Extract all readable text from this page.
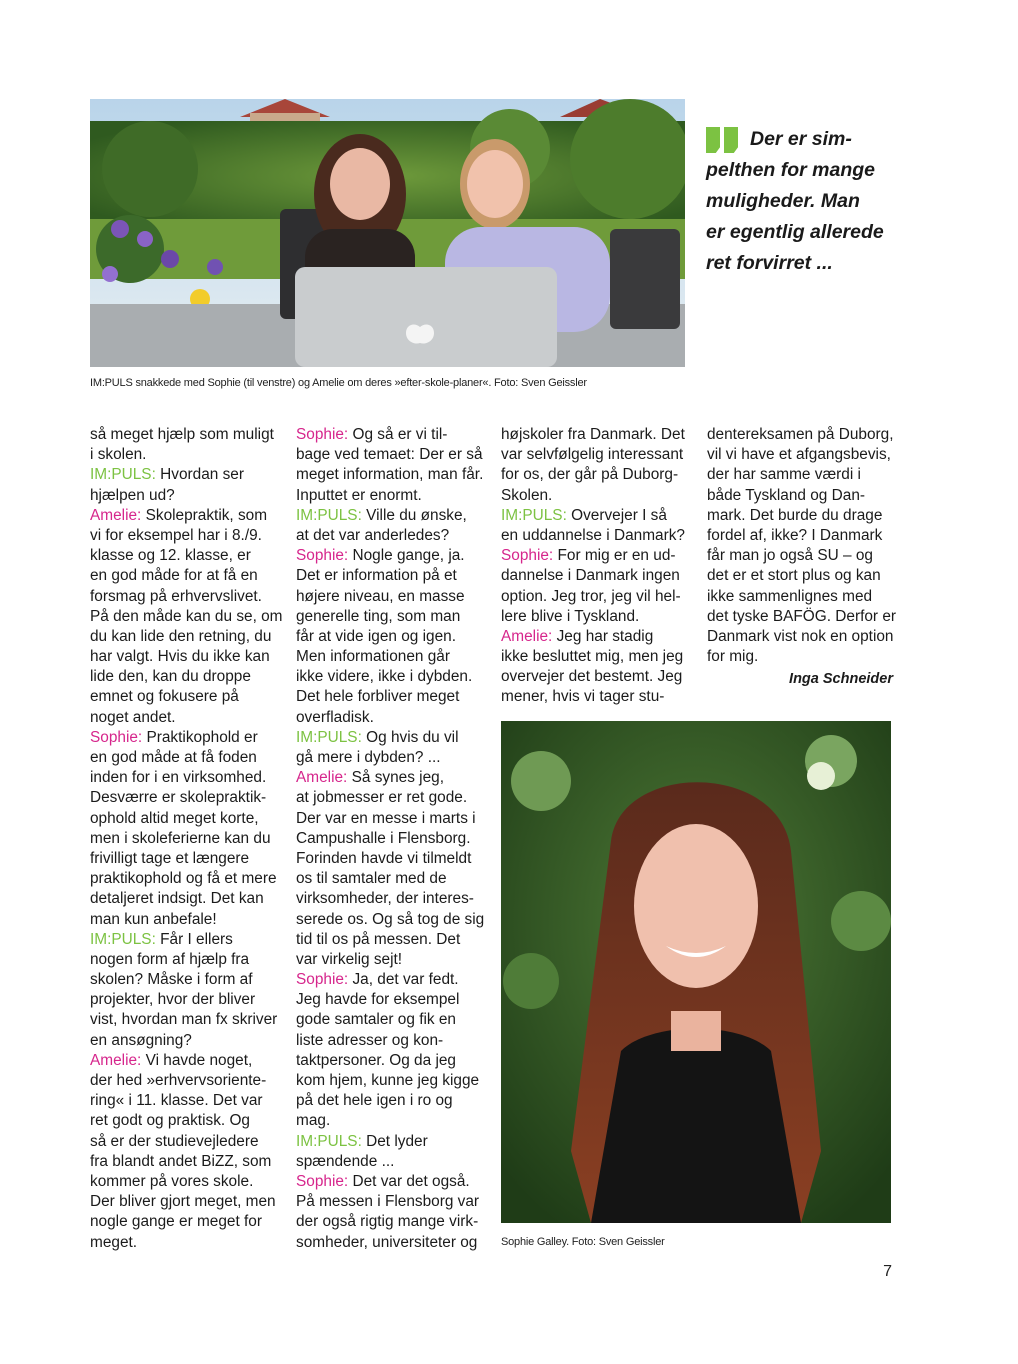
IM:PULS snakkede med Sophie (til venstre) og Amelie om deres »efter-skole-planer«. Foto: Sven Geissler
Der er sim-
pelthen for mange
muligheder. Man
er egentlig allerede
ret forvirret ...
så meget hjælp som muligt
i skolen.
IM:PULS: Hvordan ser
hjælpen ud?
Amelie: Skolepraktik, som
vi for eksempel har i 8./9.
klasse og 12. klasse, er
en god måde for at få en
forsmag på erhvervslivet.
På den måde kan du se, om
du kan lide den retning, du
har valgt. Hvis du ikke kan
lide den, kan du droppe
emnet og fokusere på
noget andet.
Sophie: Praktikophold er
en god måde at få foden
inden for i en virksomhed.
Desværre er skolepraktik-
ophold altid meget korte,
men i skoleferierne kan du
frivilligt tage et længere
praktikophold og få et mere
detaljeret indsigt. Det kan
man kun anbefale!
IM:PULS: Får I ellers
nogen form af hjælp fra
skolen? Måske i form af
projekter, hvor der bliver
vist, hvordan man fx skriver
en ansøgning?
Amelie: Vi havde noget,
der hed »erhvervsoriente-
ring« i 11. klasse. Det var
ret godt og praktisk. Og
så er der studievejledere
fra blandt andet BiZZ, som
kommer på vores skole.
Der bliver gjort meget, men
nogle gange er meget for
meget.
Sophie: Og så er vi til-
bage ved temaet: Der er så
meget information, man får.
Inputtet er enormt.
IM:PULS: Ville du ønske,
at det var anderledes?
Sophie: Nogle gange, ja.
Det er information på et
højere niveau, en masse
generelle ting, som man
får at vide igen og igen.
Men informationen går
ikke videre, ikke i dybden.
Det hele forbliver meget
overfladisk.
IM:PULS: Og hvis du vil
gå mere i dybden? ...
Amelie: Så synes jeg,
at jobmesser er ret gode.
Der var en messe i marts i
Campushalle i Flensborg.
Forinden havde vi tilmeldt
os til samtaler med de
virksomheder, der interes-
serede os. Og så tog de sig
tid til os på messen. Det
var virkelig sejt!
Sophie: Ja, det var fedt.
Jeg havde for eksempel
gode samtaler og fik en
liste adresser og kon-
taktpersoner. Og da jeg
kom hjem, kunne jeg kigge
på det hele igen i ro og
mag.
IM:PULS: Det lyder
spændende ...
Sophie: Det var det også.
På messen i Flensborg var
der også rigtig mange virk-
somheder, universiteter og
højskoler fra Danmark. Det
var selvfølgelig interessant
for os, der går på Duborg-
Skolen.
IM:PULS: Overvejer I så
en uddannelse i Danmark?
Sophie: For mig er en ud-
dannelse i Danmark ingen
option. Jeg tror, jeg vil hel-
lere blive i Tyskland.
Amelie: Jeg har stadig
ikke besluttet mig, men jeg
overvejer det bestemt. Jeg
mener, hvis vi tager stu-
dentereksamen på Duborg,
vil vi have et afgangsbevis,
der har samme værdi i
både Tyskland og Dan-
mark. Det burde du drage
fordel af, ikke? I Danmark
får man jo også SU – og
det er et stort plus og kan
ikke sammenlignes med
det tyske BAFÖG. Derfor er
Danmark vist nok en option
for mig.
Inga Schneider
Sophie Galley. Foto: Sven Geissler
7
